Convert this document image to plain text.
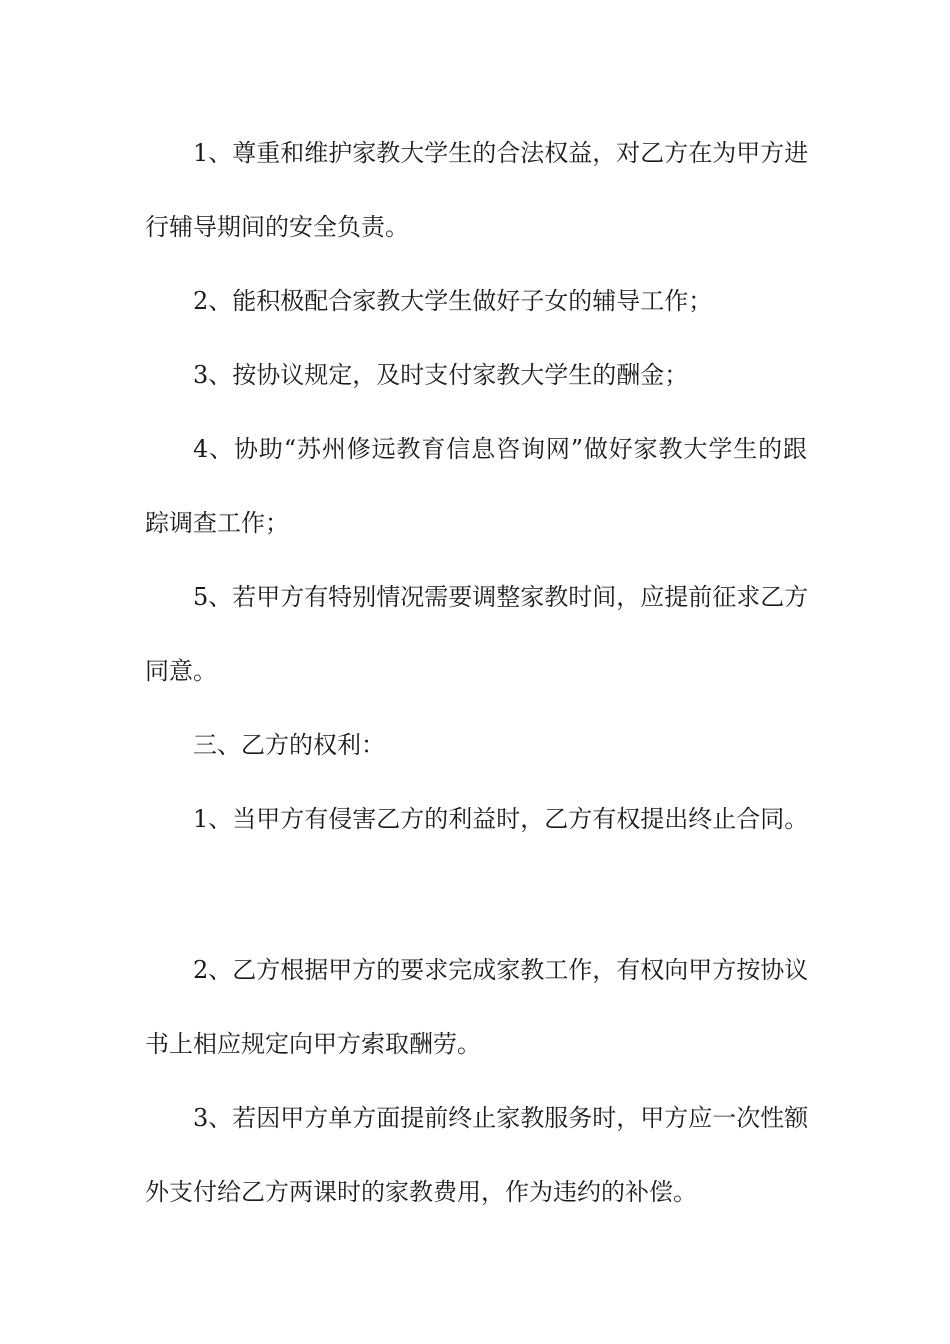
1、尊重和维护家教大学生的合法权益，对乙方在为甲方进

行辅导期间的安全负责。

2、能积极配合家教大学生做好子女的辅导工作；

3、按协议规定，及时支付家教大学生的酬金；

4、协助“苏州修远教育信息咨询网”做好家教大学生的跟

踪调查工作；

5、若甲方有特别情况需要调整家教时间，应提前征求乙方

同意。

三、乙方的权利：

1、当甲方有侵害乙方的利益时，乙方有权提出终止合同。

2、乙方根据甲方的要求完成家教工作，有权向甲方按协议

书上相应规定向甲方索取酬劳。

3、若因甲方单方面提前终止家教服务时，甲方应一次性额

外支付给乙方两课时的家教费用，作为违约的补偿。
